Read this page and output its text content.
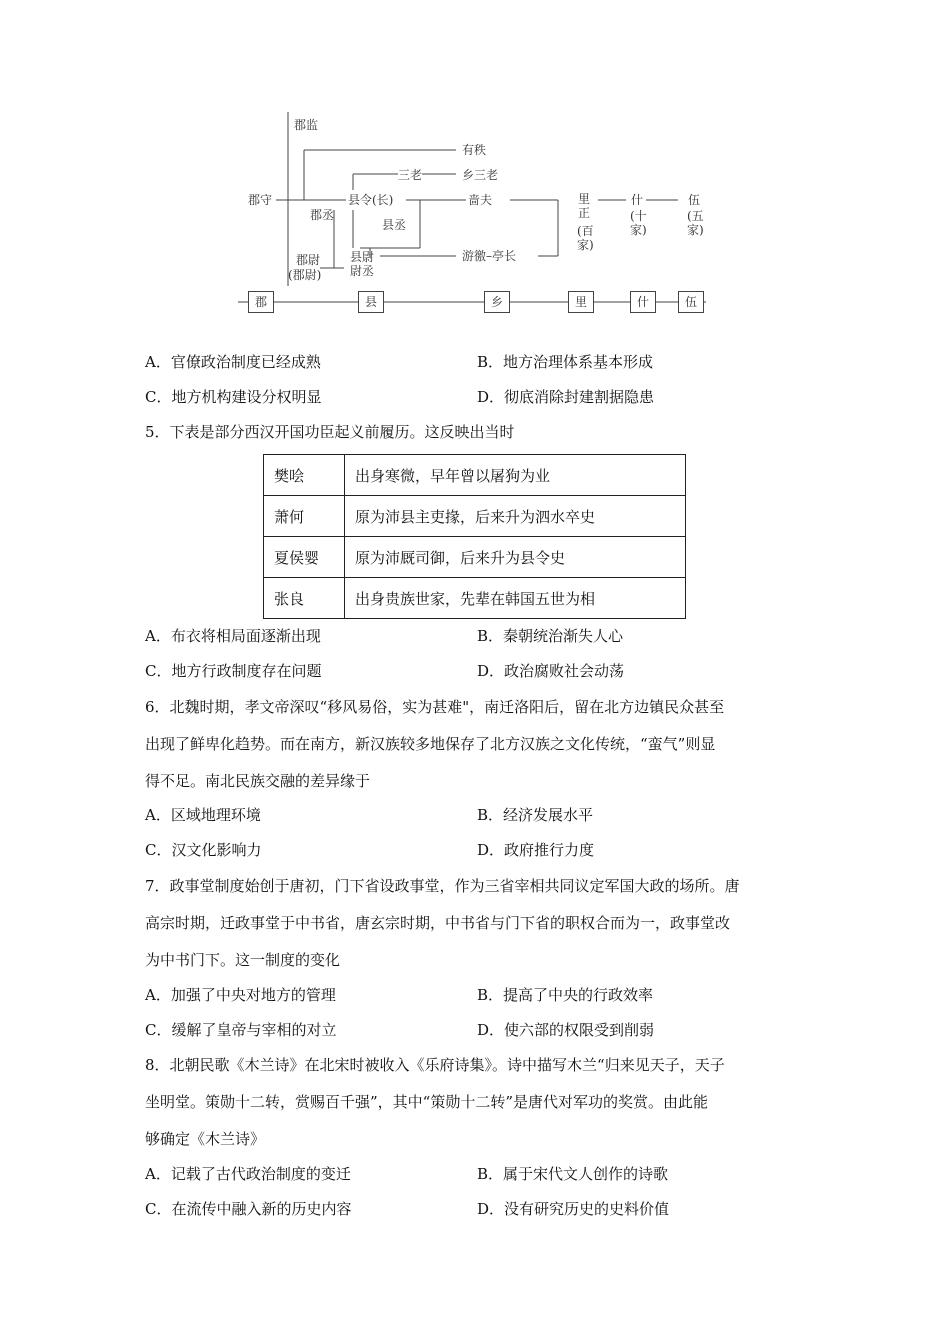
郡监
郡守
郡丞
郡尉
(郡尉)
有秩
乡三老
三老
县令(长)	啬夫
县丞
县尉
尉丞
游徼–亭长
里正
(百家)
什
(十家)
伍
(五家)
郡	县	乡	里	什	伍
A．官僚政治制度已经成熟	B．地方治理体系基本形成
C．地方机构建设分权明显	D．彻底消除封建割据隐患
5．下表是部分西汉开国功臣起义前履历。这反映出当时
樊哙	出身寒微，早年曾以屠狗为业
萧何	原为沛县主吏掾，后来升为泗水卒史
夏侯婴	原为沛厩司御，后来升为县令史
张良	出身贵族世家，先辈在韩国五世为相
A．布衣将相局面逐渐出现	B．秦朝统治渐失人心
C．地方行政制度存在问题	D．政治腐败社会动荡
6．北魏时期，孝文帝深叹“移风易俗，实为甚难"，南迁洛阳后，留在北方边镇民众甚至
出现了鲜卑化趋势。而在南方，新汉族较多地保存了北方汉族之文化传统，“蛮气”则显
得不足。南北民族交融的差异缘于
A．区域地理环境	B．经济发展水平
C．汉文化影响力	D．政府推行力度
7．政事堂制度始创于唐初，门下省设政事堂，作为三省宰相共同议定军国大政的场所。唐
高宗时期，迁政事堂于中书省，唐玄宗时期，中书省与门下省的职权合而为一，政事堂改
为中书门下。这一制度的变化
A．加强了中央对地方的管理	B．提高了中央的行政效率
C．缓解了皇帝与宰相的对立	D．使六部的权限受到削弱
8．北朝民歌《木兰诗》在北宋时被收入《乐府诗集》。诗中描写木兰“归来见天子，天子
坐明堂。策勋十二转，赏赐百千强”，其中“策勋十二转”是唐代对军功的奖赏。由此能
够确定《木兰诗》
A．记载了古代政治制度的变迁	B．属于宋代文人创作的诗歌
C．在流传中融入新的历史内容	D．没有研究历史的史料价值
